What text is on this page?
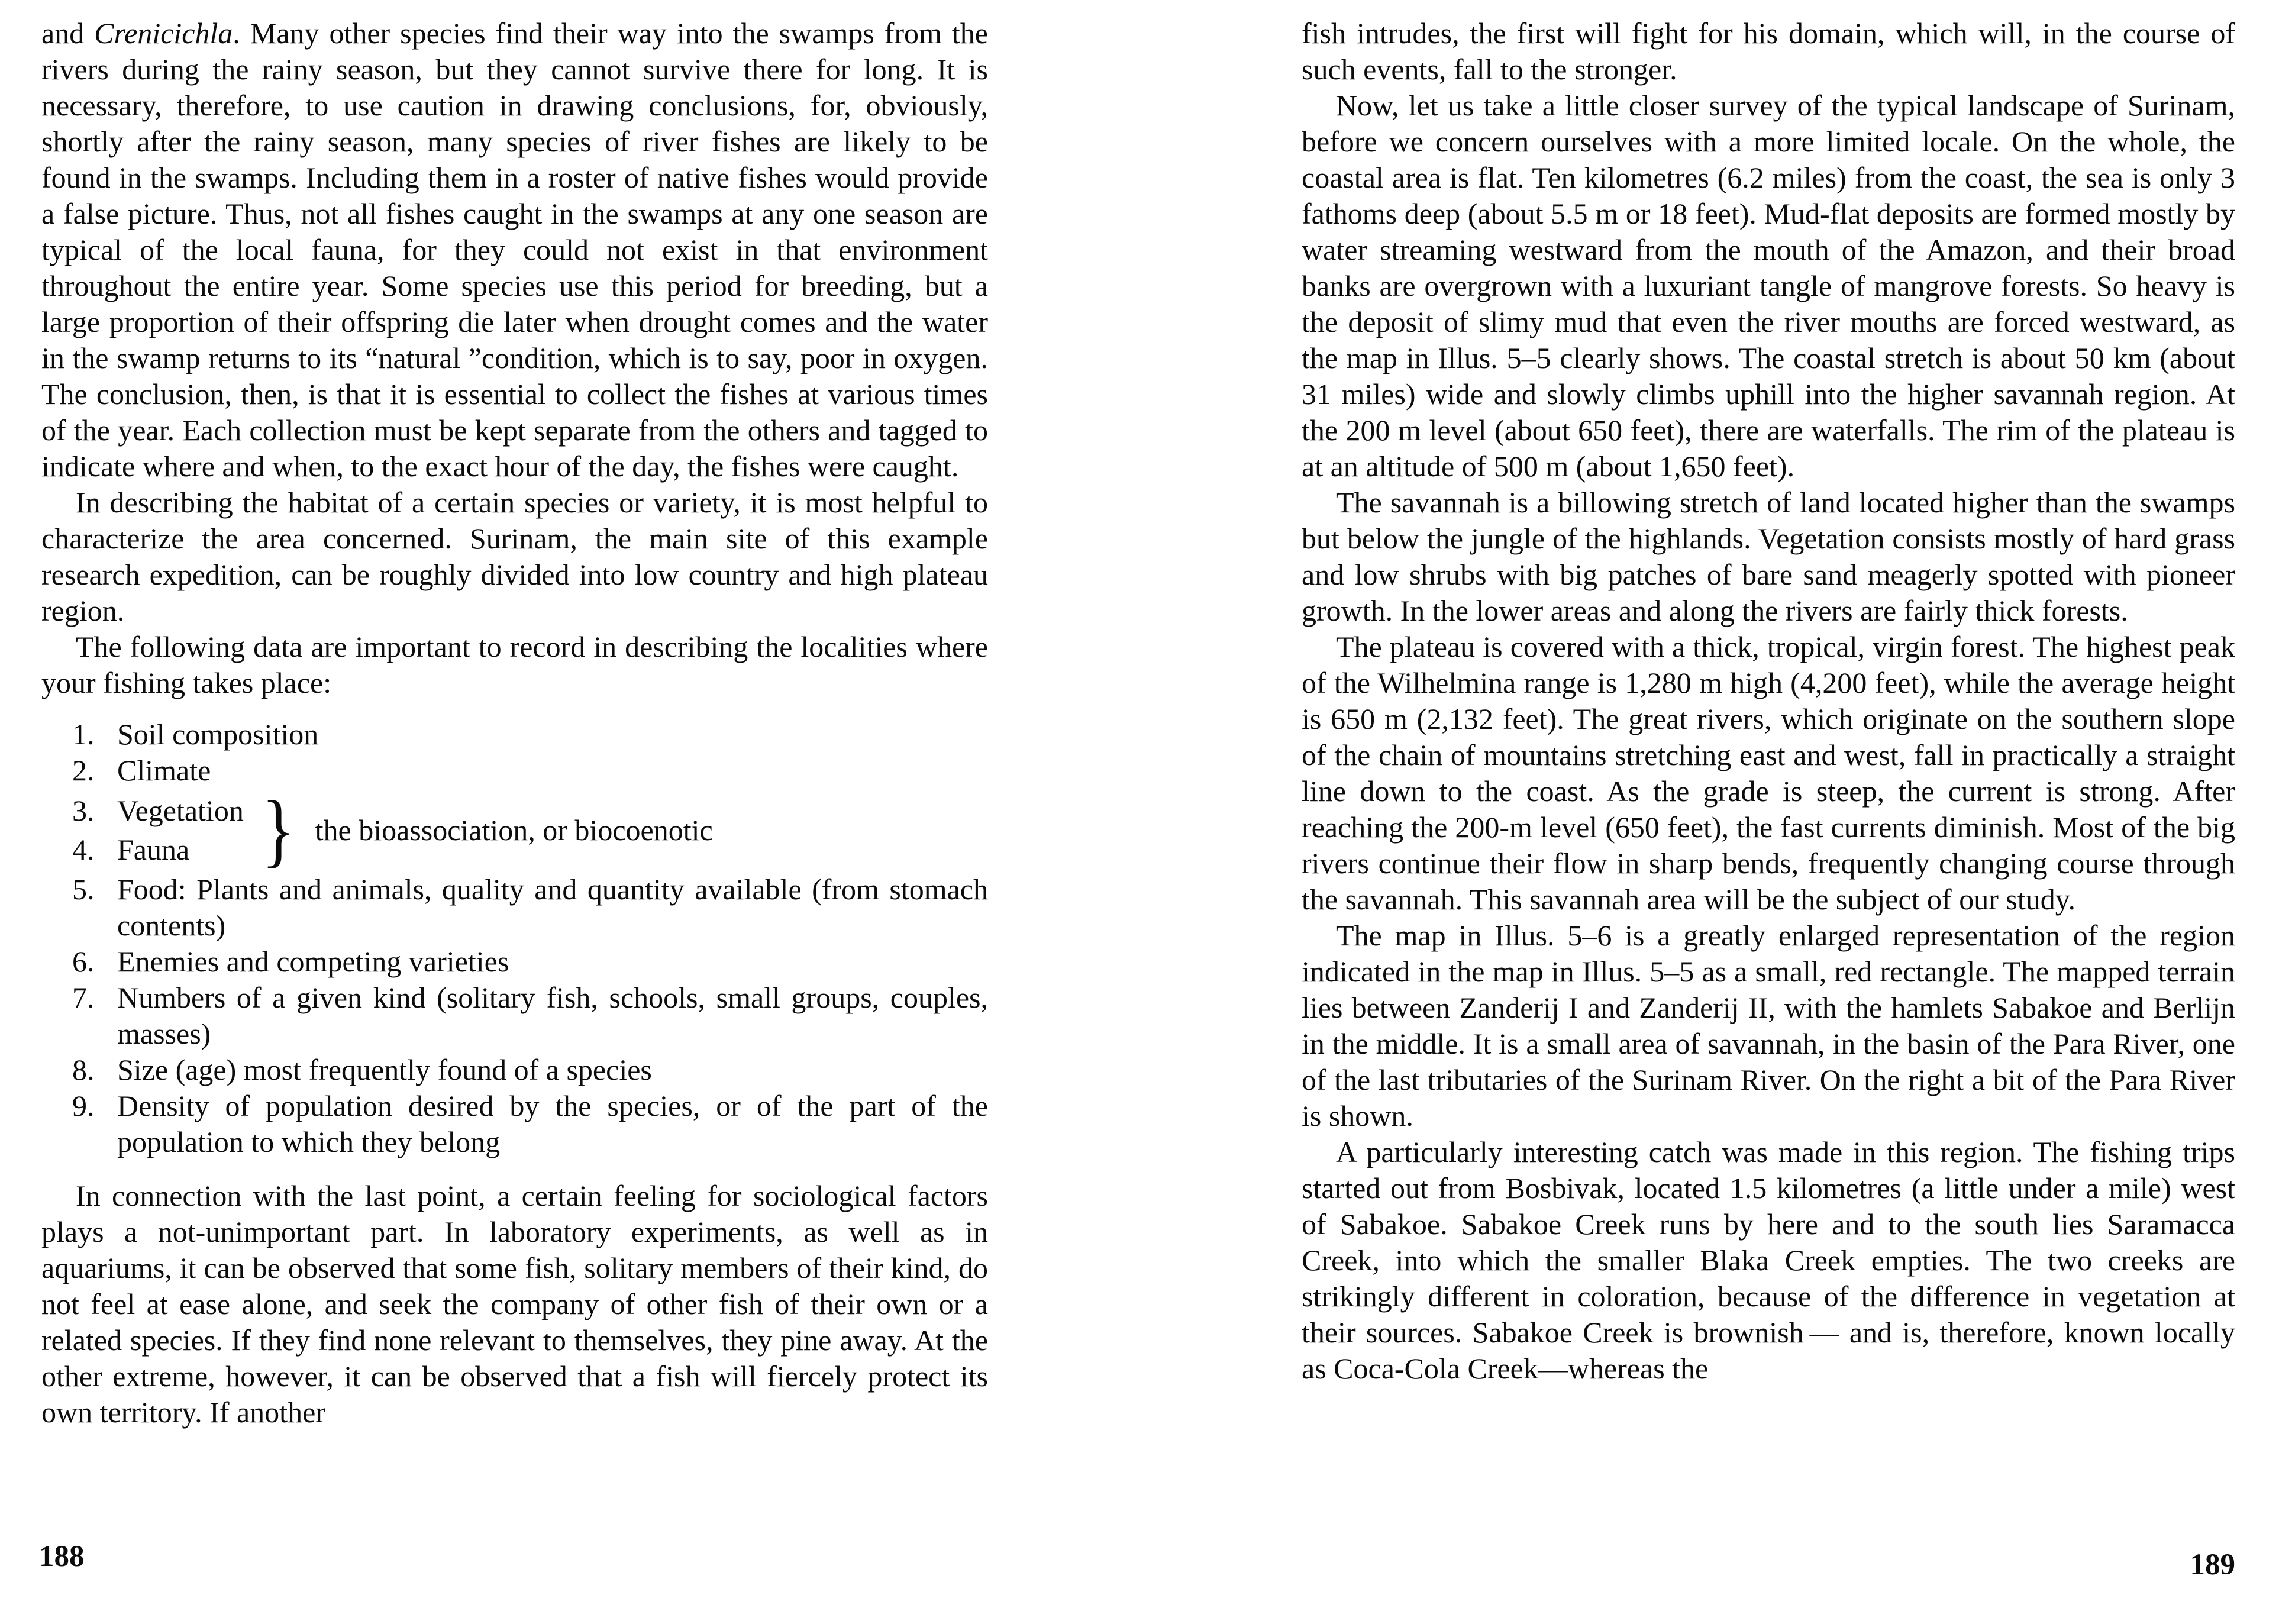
and Crenicichla. Many other species find their way into the swamps from the rivers during the rainy season, but they cannot survive there for long. It is necessary, therefore, to use caution in drawing conclusions, for, obviously, shortly after the rainy season, many species of river fishes are likely to be found in the swamps. Including them in a roster of native fishes would provide a false picture. Thus, not all fishes caught in the swamps at any one season are typical of the local fauna, for they could not exist in that environment throughout the entire year. Some species use this period for breeding, but a large proportion of their offspring die later when drought comes and the water in the swamp returns to its “natural ”condition, which is to say, poor in oxygen. The conclusion, then, is that it is essential to collect the fishes at various times of the year. Each collection must be kept separate from the others and tagged to indicate where and when, to the exact hour of the day, the fishes were caught.

In describing the habitat of a certain species or variety, it is most helpful to characterize the area concerned. Surinam, the main site of this example research expedition, can be roughly divided into low country and high plateau region.

The following data are important to record in describing the localities where your fishing takes place:

1. Soil composition
2. Climate
3. Vegetation
4. Fauna	} the bioassociation, or biocoenotic
5. Food: Plants and animals, quality and quantity available (from stomach contents)
6. Enemies and competing varieties
7. Numbers of a given kind (solitary fish, schools, small groups, couples, masses)
8. Size (age) most frequently found of a species
9. Density of population desired by the species, or of the part of the population to which they belong

In connection with the last point, a certain feeling for sociological factors plays a not-unimportant part. In laboratory experiments, as well as in aquariums, it can be observed that some fish, solitary members of their kind, do not feel at ease alone, and seek the company of other fish of their own or a related species. If they find none relevant to themselves, they pine away. At the other extreme, however, it can be observed that a fish will fiercely protect its own territory. If another

fish intrudes, the first will fight for his domain, which will, in the course of such events, fall to the stronger.

Now, let us take a little closer survey of the typical landscape of Surinam, before we concern ourselves with a more limited locale. On the whole, the coastal area is flat. Ten kilometres (6.2 miles) from the coast, the sea is only 3 fathoms deep (about 5.5 m or 18 feet). Mud-flat deposits are formed mostly by water streaming westward from the mouth of the Amazon, and their broad banks are overgrown with a luxuriant tangle of mangrove forests. So heavy is the deposit of slimy mud that even the river mouths are forced westward, as the map in Illus. 5–5 clearly shows. The coastal stretch is about 50 km (about 31 miles) wide and slowly climbs uphill into the higher savannah region. At the 200 m level (about 650 feet), there are waterfalls. The rim of the plateau is at an altitude of 500 m (about 1,650 feet).

The savannah is a billowing stretch of land located higher than the swamps but below the jungle of the highlands. Vegetation consists mostly of hard grass and low shrubs with big patches of bare sand meagerly spotted with pioneer growth. In the lower areas and along the rivers are fairly thick forests.

The plateau is covered with a thick, tropical, virgin forest. The highest peak of the Wilhelmina range is 1,280 m high (4,200 feet), while the average height is 650 m (2,132 feet). The great rivers, which originate on the southern slope of the chain of mountains stretching east and west, fall in practically a straight line down to the coast. As the grade is steep, the current is strong. After reaching the 200-m level (650 feet), the fast currents diminish. Most of the big rivers continue their flow in sharp bends, frequently changing course through the savannah. This savannah area will be the subject of our study.

The map in Illus. 5–6 is a greatly enlarged representation of the region indicated in the map in Illus. 5–5 as a small, red rectangle. The mapped terrain lies between Zanderij I and Zanderij II, with the hamlets Sabakoe and Berlijn in the middle. It is a small area of savannah, in the basin of the Para River, one of the last tributaries of the Surinam River. On the right a bit of the Para River is shown.

A particularly interesting catch was made in this region. The fishing trips started out from Bosbivak, located 1.5 kilometres (a little under a mile) west of Sabakoe. Sabakoe Creek runs by here and to the south lies Saramacca Creek, into which the smaller Blaka Creek empties. The two creeks are strikingly different in coloration, because of the difference in vegetation at their sources. Sabakoe Creek is brownish — and is, therefore, known locally as Coca-Cola Creek—whereas the

188	189
